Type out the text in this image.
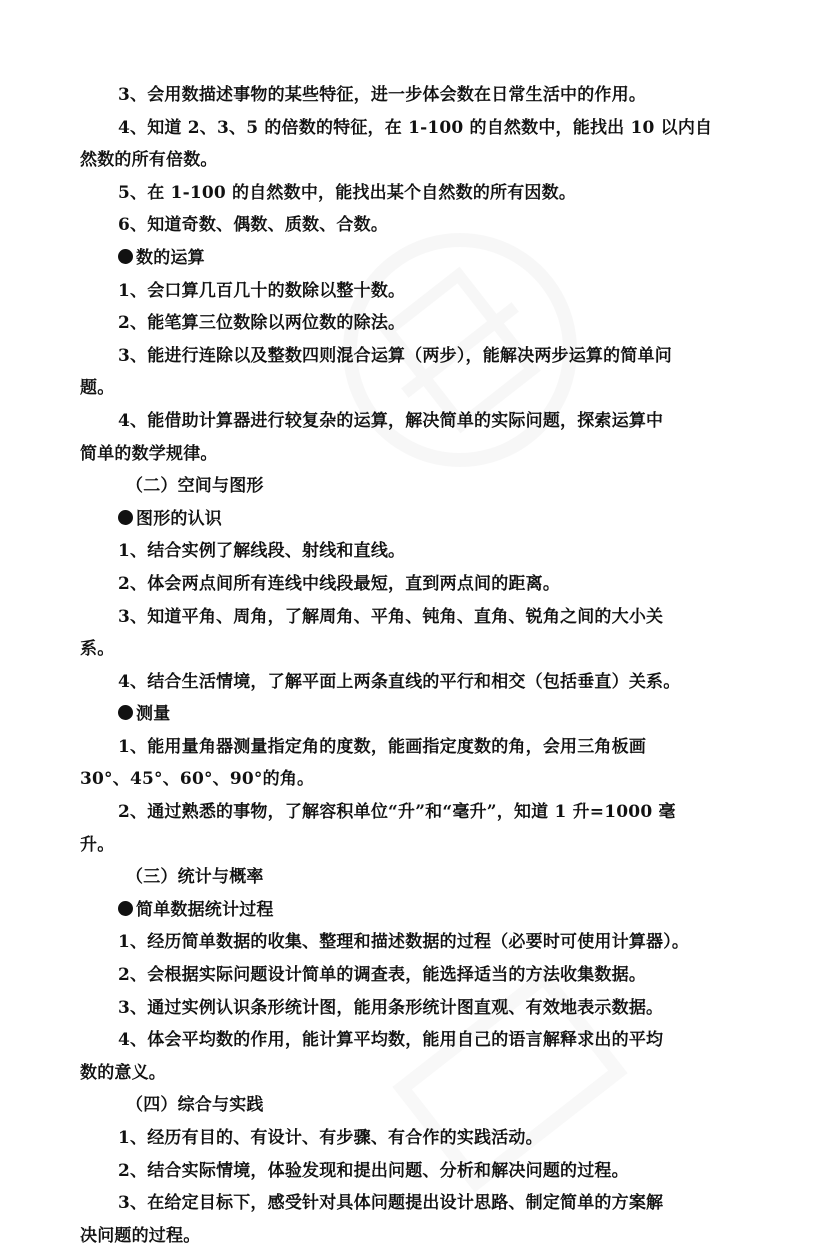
3、会用数描述事物的某些特征，进一步体会数在日常生活中的作用。
4、知道 2、3、5 的倍数的特征，在 1-100 的自然数中，能找出 10 以内自
然数的所有倍数。
5、在 1-100 的自然数中，能找出某个自然数的所有因数。
6、知道奇数、偶数、质数、合数。
数的运算
1、会口算几百几十的数除以整十数。
2、能笔算三位数除以两位数的除法。
3、能进行连除以及整数四则混合运算（两步），能解决两步运算的简单问
题。
4、能借助计算器进行较复杂的运算，解决简单的实际问题，探索运算中
简单的数学规律。
（二）空间与图形
图形的认识
1、结合实例了解线段、射线和直线。
2、体会两点间所有连线中线段最短，直到两点间的距离。
3、知道平角、周角，了解周角、平角、钝角、直角、锐角之间的大小关
系。
4、结合生活情境，了解平面上两条直线的平行和相交（包括垂直）关系。
测量
1、能用量角器测量指定角的度数，能画指定度数的角，会用三角板画
30°、45°、60°、90°的角。
2、通过熟悉的事物，了解容积单位“升”和“毫升”，知道 1 升=1000 毫
升。
（三）统计与概率
简单数据统计过程
1、经历简单数据的收集、整理和描述数据的过程（必要时可使用计算器）。
2、会根据实际问题设计简单的调查表，能选择适当的方法收集数据。
3、通过实例认识条形统计图，能用条形统计图直观、有效地表示数据。
4、体会平均数的作用，能计算平均数，能用自己的语言解释求出的平均
数的意义。
（四）综合与实践
1、经历有目的、有设计、有步骤、有合作的实践活动。
2、结合实际情境，体验发现和提出问题、分析和解决问题的过程。
3、在给定目标下，感受针对具体问题提出设计思路、制定简单的方案解
决问题的过程。
